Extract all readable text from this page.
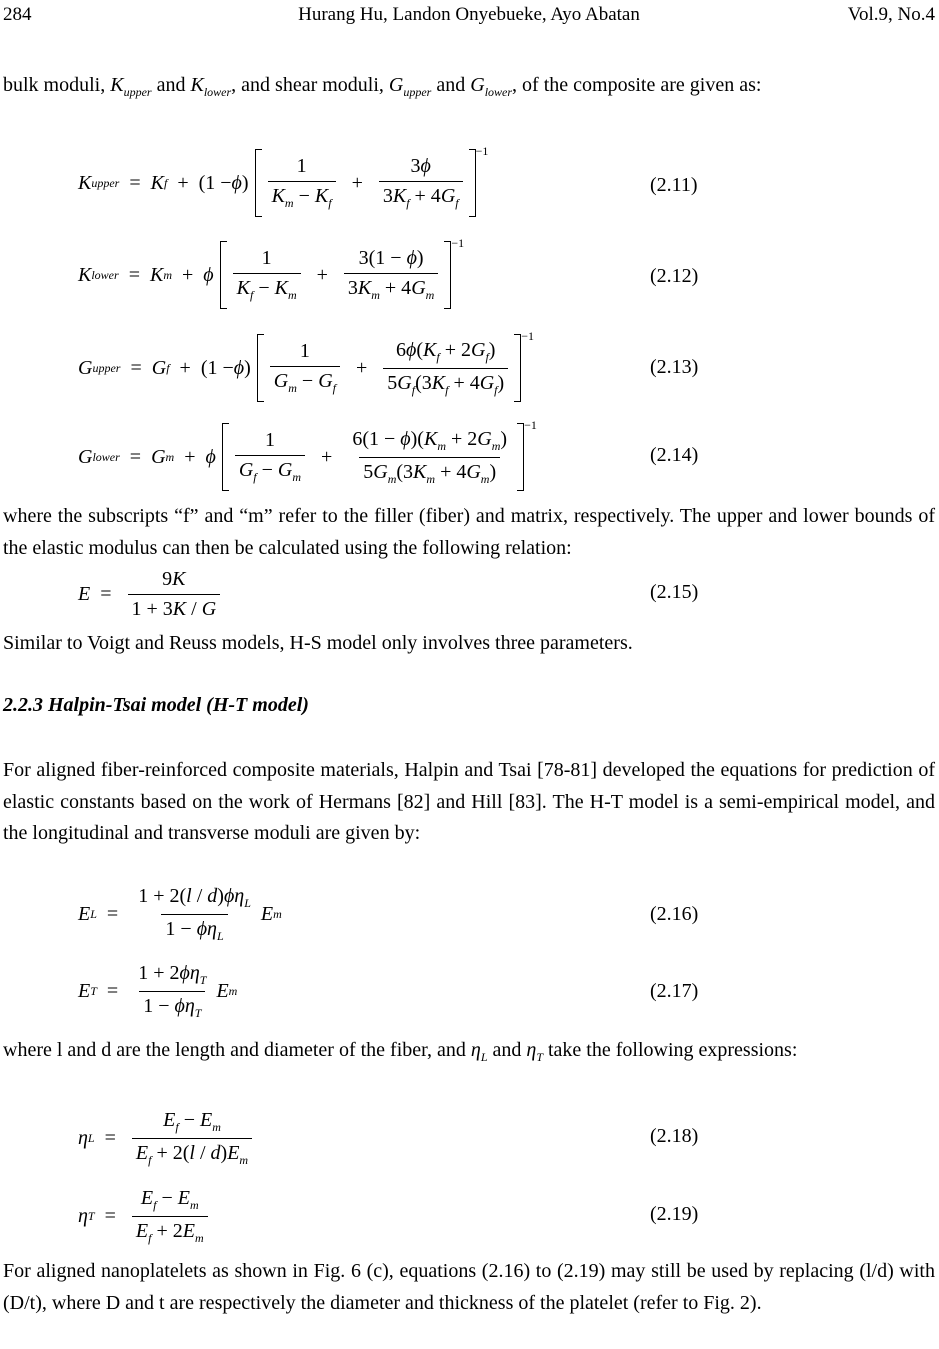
284	Hurang Hu, Landon Onyebueke, Ayo Abatan	Vol.9, No.4
bulk moduli, $K_{upper}$ and $K_{lower}$, and shear moduli, $G_{upper}$ and $G_{lower}$, of the composite are given as:
K upper = K f + (1 − ϕ ) $\frac{1}{K_m - K_f} + \frac{3\phi}{3K_f + 4G_f}$
−1
(2.11)
K lower = K m + ϕ $\frac{1}{K_f - K_m} + \frac{3(1 - \phi)}{3K_m + 4G_m}$
−1
(2.12)
G upper = G f + (1 − ϕ ) $\frac{1}{G_m - G_f} + \frac{6\phi(K_f + 2G_f)}{5G_f(3K_f + 4G_f)}$
−1
(2.13)
G lower = G m + ϕ $\frac{1}{G_f - G_m} + \frac{6(1 - \phi)(K_m + 2G_m)}{5G_m(3K_m + 4G_m)}$
−1
(2.14)
where the subscripts “f” and “m” refer to the filler (fiber) and matrix, respectively. The upper and lower bounds of the elastic modulus can then be calculated using the following relation:
$E = \frac{9K}{1 + 3K / G}$	(2.15)
Similar to Voigt and Reuss models, H-S model only involves three parameters.
2.2.3 Halpin-Tsai model (H-T model)
For aligned fiber-reinforced composite materials, Halpin and Tsai [78-81] developed the equations for prediction of elastic constants based on the work of Hermans [82] and Hill [83]. The H-T model is a semi-empirical model, and the longitudinal and transverse moduli are given by:
E $L = \frac{1 + 2(l / d)\phi\eta_L}{1 - \phi\eta_L}$ E m	(2.16)
E $T = \frac{1 + 2\phi\eta_T}{1 - \phi\eta_T}$ E m	(2.17)
where l and d are the length and diameter of the fiber, and $\eta_L$ and $\eta_T$ take the following expressions:
η $L = \frac{E_f - E_m}{E_f + 2(l / d)E_m}$	(2.18)
η $T = \frac{E_f - E_m}{E_f + 2E_m}$	(2.19)
For aligned nanoplatelets as shown in Fig. 6 (c), equations (2.16) to (2.19) may still be used by replacing (l/d) with (D/t), where D and t are respectively the diameter and thickness of the platelet (refer to Fig. 2).
